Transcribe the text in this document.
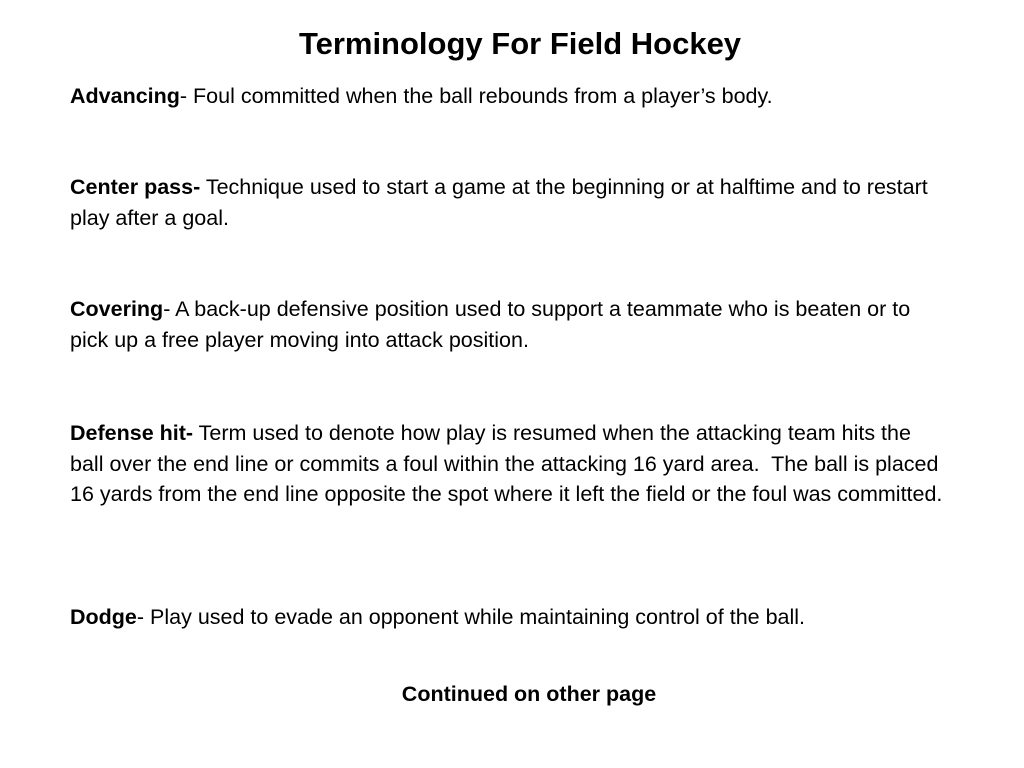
Terminology For Field Hockey

Advancing- Foul committed when the ball rebounds from a player’s body.

Center pass- Technique used to start a game at the beginning or at halftime and to restart play after a goal.

Covering- A back-up defensive position used to support a teammate who is beaten or to pick up a free player moving into attack position.

Defense hit- Term used to denote how play is resumed when the attacking team hits the ball over the end line or commits a foul within the attacking 16 yard area.  The ball is placed 16 yards from the end line opposite the spot where it left the field or the foul was committed.

Dodge- Play used to evade an opponent while maintaining control of the ball.

Continued on other page
